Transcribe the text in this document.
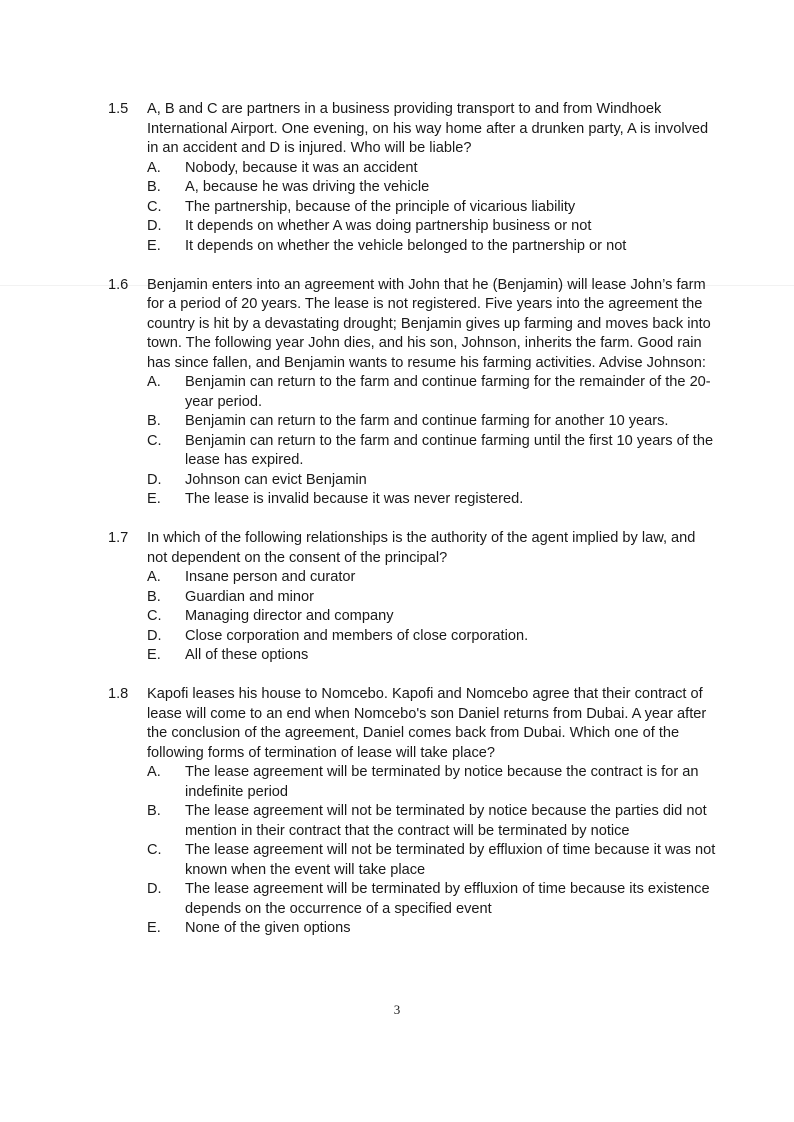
1.5 A, B and C are partners in a business providing transport to and from Windhoek International Airport. One evening, on his way home after a drunken party, A is involved in an accident and D is injured. Who will be liable?
A. Nobody, because it was an accident
B. A, because he was driving the vehicle
C. The partnership, because of the principle of vicarious liability
D. It depends on whether A was doing partnership business or not
E. It depends on whether the vehicle belonged to the partnership or not
1.6 Benjamin enters into an agreement with John that he (Benjamin) will lease John’s farm for a period of 20 years. The lease is not registered. Five years into the agreement the country is hit by a devastating drought; Benjamin gives up farming and moves back into town. The following year John dies, and his son, Johnson, inherits the farm. Good rain has since fallen, and Benjamin wants to resume his farming activities. Advise Johnson:
A. Benjamin can return to the farm and continue farming for the remainder of the 20-year period.
B. Benjamin can return to the farm and continue farming for another 10 years.
C. Benjamin can return to the farm and continue farming until the first 10 years of the lease has expired.
D. Johnson can evict Benjamin
E. The lease is invalid because it was never registered.
1.7 In which of the following relationships is the authority of the agent implied by law, and not dependent on the consent of the principal?
A. Insane person and curator
B. Guardian and minor
C. Managing director and company
D. Close corporation and members of close corporation.
E. All of these options
1.8 Kapofi leases his house to Nomcebo. Kapofi and Nomcebo agree that their contract of lease will come to an end when Nomcebo's son Daniel returns from Dubai. A year after the conclusion of the agreement, Daniel comes back from Dubai. Which one of the following forms of termination of lease will take place?
A. The lease agreement will be terminated by notice because the contract is for an indefinite period
B. The lease agreement will not be terminated by notice because the parties did not mention in their contract that the contract will be terminated by notice
C. The lease agreement will not be terminated by effluxion of time because it was not known when the event will take place
D. The lease agreement will be terminated by effluxion of time because its existence depends on the occurrence of a specified event
E. None of the given options
3
